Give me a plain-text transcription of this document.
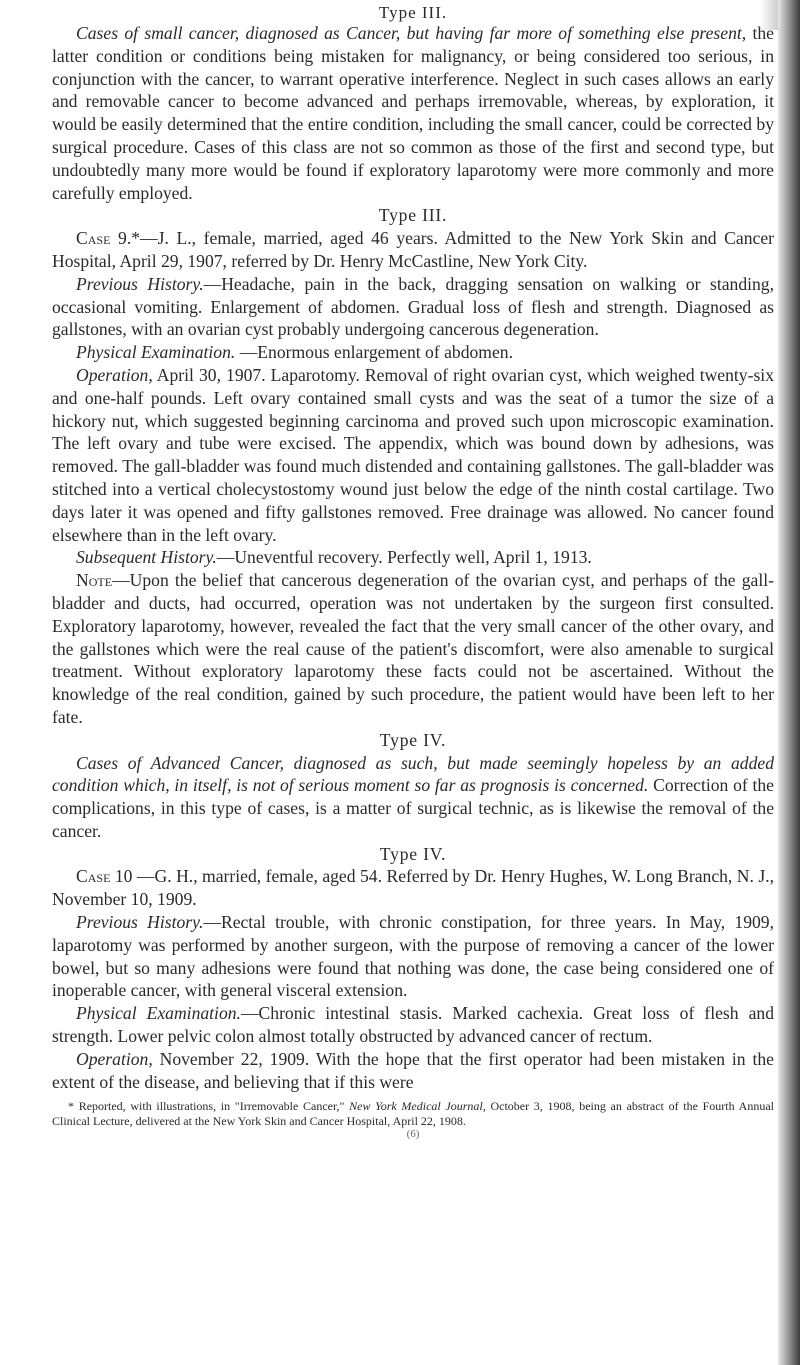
Type III.

Cases of small cancer, diagnosed as Cancer, but having far more of something else present, the latter condition or conditions being mistaken for malignancy, or being considered too serious, in conjunction with the cancer, to warrant operative interference. Neglect in such cases allows an early and removable cancer to become advanced and perhaps irremovable, whereas, by exploration, it would be easily determined that the entire condition, including the small cancer, could be corrected by surgical procedure. Cases of this class are not so common as those of the first and second type, but undoubtedly many more would be found if exploratory laparotomy were more commonly and more carefully employed.

Type III.

Case 9.*—J. L., female, married, aged 46 years. Admitted to the New York Skin and Cancer Hospital, April 29, 1907, referred by Dr. Henry McCastline, New York City.

Previous History.—Headache, pain in the back, dragging sensation on walking or standing, occasional vomiting. Enlargement of abdomen. Gradual loss of flesh and strength. Diagnosed as gallstones, with an ovarian cyst probably undergoing cancerous degeneration.

Physical Examination. —Enormous enlargement of abdomen.

Operation, April 30, 1907. Laparotomy. Removal of right ovarian cyst, which weighed twenty-six and one-half pounds. Left ovary contained small cysts and was the seat of a tumor the size of a hickory nut, which suggested beginning carcinoma and proved such upon microscopic examination. The left ovary and tube were excised. The appendix, which was bound down by adhesions, was removed. The gall-bladder was found much distended and containing gallstones. The gall-bladder was stitched into a vertical cholecystostomy wound just below the edge of the ninth costal cartilage. Two days later it was opened and fifty gallstones removed. Free drainage was allowed. No cancer found elsewhere than in the left ovary.

Subsequent History.—Uneventful recovery. Perfectly well, April 1, 1913.

Note—Upon the belief that cancerous degeneration of the ovarian cyst, and perhaps of the gall-bladder and ducts, had occurred, operation was not undertaken by the surgeon first consulted. Exploratory laparotomy, however, revealed the fact that the very small cancer of the other ovary, and the gallstones which were the real cause of the patient's discomfort, were also amenable to surgical treatment. Without exploratory laparotomy these facts could not be ascertained. Without the knowledge of the real condition, gained by such procedure, the patient would have been left to her fate.

Type IV.

Cases of Advanced Cancer, diagnosed as such, but made seemingly hopeless by an added condition which, in itself, is not of serious moment so far as prognosis is concerned. Correction of the complications, in this type of cases, is a matter of surgical technic, as is likewise the removal of the cancer.

Type IV.

Case 10 —G. H., married, female, aged 54. Referred by Dr. Henry Hughes, W. Long Branch, N. J., November 10, 1909.

Previous History.—Rectal trouble, with chronic constipation, for three years. In May, 1909, laparotomy was performed by another surgeon, with the purpose of removing a cancer of the lower bowel, but so many adhesions were found that nothing was done, the case being considered one of inoperable cancer, with general visceral extension.

Physical Examination.—Chronic intestinal stasis. Marked cachexia. Great loss of flesh and strength. Lower pelvic colon almost totally obstructed by advanced cancer of rectum.

Operation, November 22, 1909. With the hope that the first operator had been mistaken in the extent of the disease, and believing that if this were

* Reported, with illustrations, in "Irremovable Cancer," New York Medical Journal, October 3, 1908, being an abstract of the Fourth Annual Clinical Lecture, delivered at the New York Skin and Cancer Hospital, April 22, 1908.

(6)
